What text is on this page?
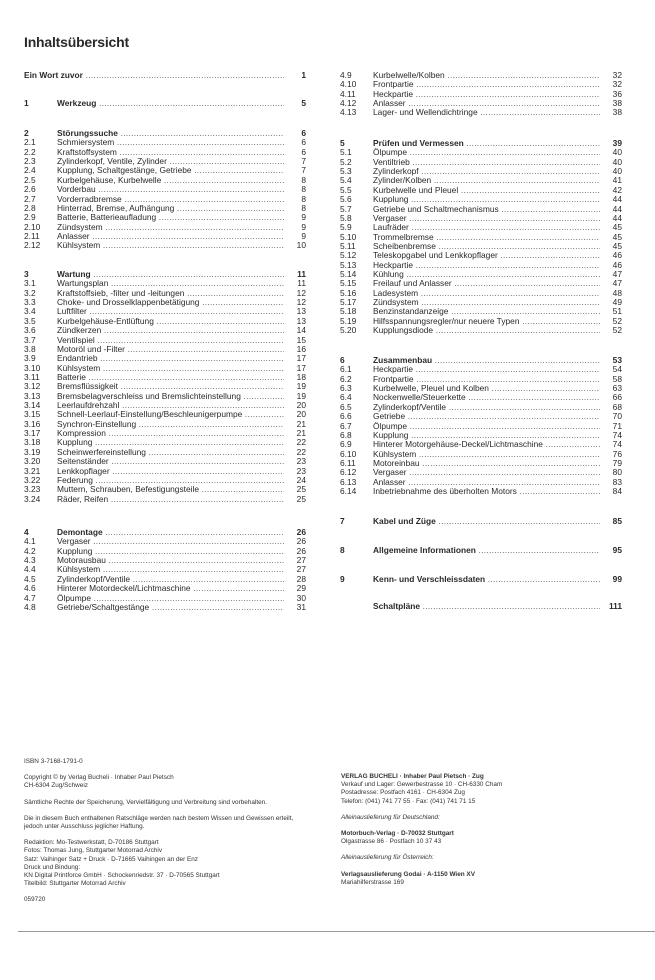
Inhaltsübersicht
Ein Wort zuvor .....	1
1	Werkzeug .....	5
2	Störungssuche .....	6
2.1	Schmiersystem .....	6
2.2	Kraftstoffsystem .....	6
2.3	Zylinderkopf, Ventile, Zylinder .....	7
2.4	Kupplung, Schaltgestänge, Getriebe .....	7
2.5	Kurbelgehäuse, Kurbelwelle .....	8
2.6	Vorderbau .....	8
2.7	Vorderradbremse .....	8
2.8	Hinterrad, Bremse, Aufhängung .....	8
2.9	Batterie, Batterieaufladung .....	9
2.10 Zündsystem .....	9
2.11 Anlasser .....	9
2.12 Kühlsystem .....	10
3	Wartung .....	11
3.1	Wartungsplan .....	11
3.2	Kraftstoffsieb, -filter und -leitungen .....	12
3.3	Choke- und Drosselklappenbetätigung .....	12
3.4	Luftfilter .....	13
3.5	Kurbelgehäuse-Entlüftung .....	13
3.6	Zündkerzen .....	14
3.7	Ventilspiel .....	15
3.8	Motoröl und -Filter .....	16
3.9	Endantrieb .....	17
3.10 Kühlsystem .....	17
3.11 Batterie .....	18
3.12 Bremsflüssigkeit .....	19
3.13 Bremsbelagverschleiss und Bremslichteinstellung .....	19
3.14 Leerlaufdrehzahl .....	20
3.15 Schnell-Leerlauf-Einstellung/Beschleunigerpumpe .....	20
3.16 Synchron-Einstellung .....	21
3.17 Kompression .....	21
3.18 Kupplung .....	22
3.19 Scheinwerfereinstellung .....	22
3.20 Seitenständer .....	23
3.21 Lenkkopflager .....	23
3.22 Federung .....	24
3.23 Muttern, Schrauben, Befestigungsteile .....	25
3.24 Räder, Reifen .....	25
4	Demontage .....	26
4.1	Vergaser .....	26
4.2	Kupplung .....	26
4.3	Motorausbau .....	27
4.4	Kühlsystem .....	27
4.5	Zylinderkopf/Ventile .....	28
4.6	Hinterer Motordeckel/Lichtmaschine .....	29
4.7	Ölpumpe .....	30
4.8	Getriebe/Schaltgestänge .....	31
4.9	Kurbelwelle/Kolben .....	32
4.10 Frontpartie .....	32
4.11 Heckpartie .....	36
4.12 Anlasser .....	38
4.13 Lager- und Wellendichtringe .....	38
5	Prüfen und Vermessen .....	39
5.1	Ölpumpe .....	40
5.2	Ventiltrieb .....	40
5.3	Zylinderkopf .....	40
5.4	Zylinder/Kolben .....	41
5.5	Kurbelwelle und Pleuel .....	42
5.6	Kupplung .....	44
5.7	Getriebe und Schaltmechanismus .....	44
5.8	Vergaser .....	44
5.9	Laufräder .....	45
5.10 Trommelbremse .....	45
5.11 Scheibenbremse .....	45
5.12 Teleskopgabel und Lenkkopflager .....	46
5.13 Heckpartie .....	46
5.14 Kühlung .....	47
5.15 Freilauf und Anlasser .....	47
5.16 Ladesystem .....	48
5.17 Zündsystem .....	49
5.18 Benzinstandanzeige .....	51
5.19 Hilfsspannungsregler/nur neuere Typen .....	52
5.20 Kupplungsdiode .....	52
6	Zusammenbau .....	53
6.1	Heckpartie .....	54
6.2	Frontpartie .....	58
6.3	Kurbelwelle, Pleuel und Kolben .....	63
6.4	Nockenwelle/Steuerkette .....	66
6.5	Zylinderkopf/Ventile .....	68
6.6	Getriebe .....	70
6.7	Ölpumpe .....	71
6.8	Kupplung .....	74
6.9	Hinterer Motorgehäuse-Deckel/Lichtmaschine .....	74
6.10 Kühlsystem .....	76
6.11 Motoreinbau .....	79
6.12 Vergaser .....	80
6.13 Anlasser .....	83
6.14 Inbetriebnahme des überholten Motors .....	84
7	Kabel und Züge .....	85
8	Allgemeine Informationen .....	95
9	Kenn- und Verschleissdaten .....	99
Schaltpläne .....	111

ISBN 3-7168-1791-0

Copyright © by Verlag Bucheli · Inhaber Paul Pietsch

CH-6304 Zug/Schweiz

Sämtliche Rechte der Speicherung, Vervielfältigung und Verbreitung sind vorbehalten.

Die in diesem Buch enthaltenen Ratschläge werden nach bestem Wissen und Gewissen erteilt,

jedoch unter Ausschluss jeglicher Haftung.

Redaktion: Mo-Testwerkstatt, D-70186 Stuttgart

Fotos: Thomas Jung, Stuttgarter Motorrad Archiv

Satz: Vaihinger Satz + Druck · D-71665 Vaihingen an der Enz

Druck und Bindung:

KN Digital Printforce GmbH · Schockenriedstr. 37 · D-70565 Stuttgart

Titelbild: Stuttgarter Motorrad Archiv

059720

VERLAG BUCHELI · Inhaber Paul Pietsch · Zug

Verkauf und Lager: Gewerbestrasse 10 · CH-6330 Cham

Postadresse: Postfach 4161 · CH-6304 Zug

Telefon: (041) 741 77 55 · Fax: (041) 741 71 15

Alleinauslieferung für Deutschland:

Motorbuch-Verlag · D-70032 Stuttgart

Olgastrasse 86 · Postfach 10 37 43

Alleinauslieferung für Österreich:

Verlagsauslieferung Godai · A-1150 Wien XV

Mariahilferstrasse 169
